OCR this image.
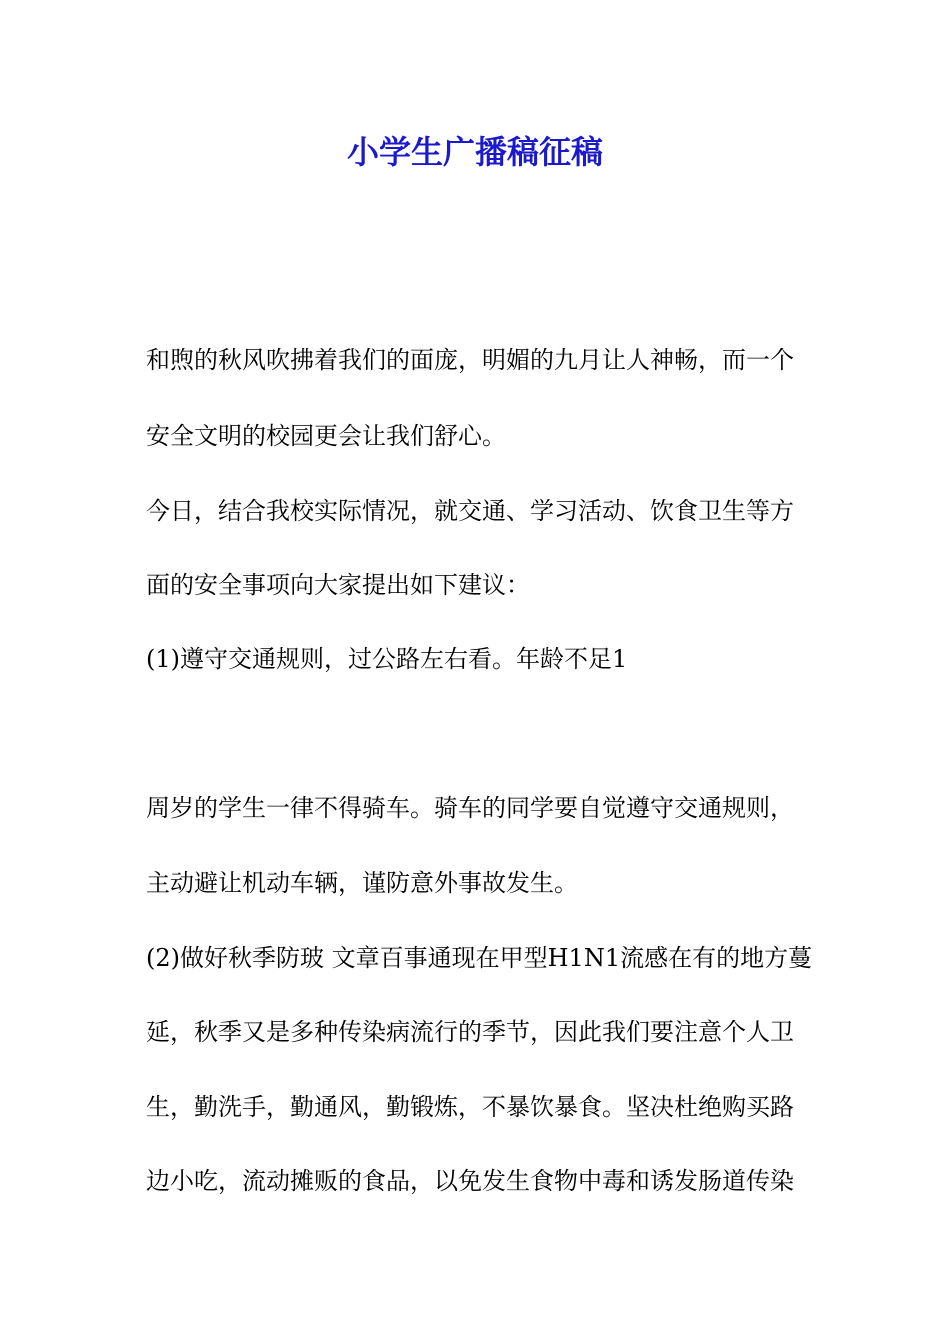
小学生广播稿征稿

和煦的秋风吹拂着我们的面庞，明媚的九月让人神畅，而一个

安全文明的校园更会让我们舒心。

今日，结合我校实际情况，就交通、学习活动、饮食卫生等方

面的安全事项向大家提出如下建议：

(1)遵守交通规则，过公路左右看。年龄不足1

周岁的学生一律不得骑车。骑车的同学要自觉遵守交通规则，

主动避让机动车辆，谨防意外事故发生。

(2)做好秋季防玻 文章百事通现在甲型H1N1流感在有的地方蔓

延，秋季又是多种传染病流行的季节，因此我们要注意个人卫

生，勤洗手，勤通风，勤锻炼，不暴饮暴食。坚决杜绝购买路

边小吃，流动摊贩的食品，以免发生食物中毒和诱发肠道传染
